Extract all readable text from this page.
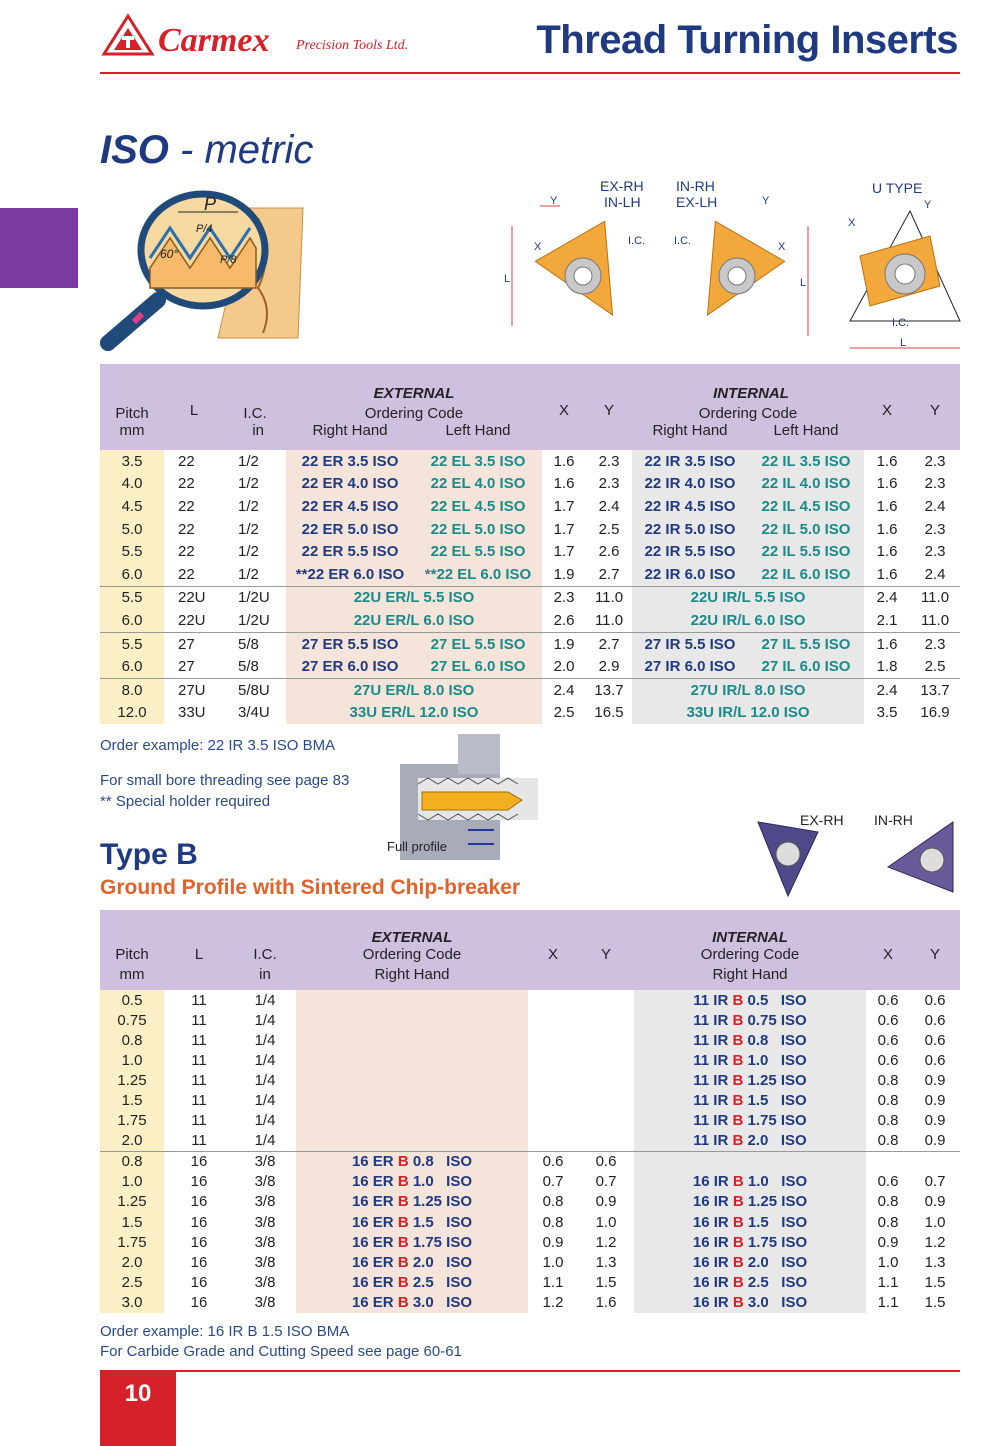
Carmex Precision Tools Ltd.	Thread Turning Inserts
ISO - metric
P
P/4
P/8
60°
EX-RH
IN-LH
IN-RH
EX-LH
U TYPE
L
Y
X	I.C.
L
Y
X
I.C.
X
Y
I.C.
L
			EXTERNAL				INTERNAL			
Pitch	L	I.C.	Ordering Code		X	Y	Ordering Code		X	Y
mm		in	Right Hand	Left Hand			Right Hand	Left Hand		
3.5	22	1/2	22 ER 3.5 ISO	22 EL 3.5 ISO	1.6	2.3	22 IR 3.5 ISO	22 IL 3.5 ISO	1.6	2.3
4.0	22	1/2	22 ER 4.0 ISO	22 EL 4.0 ISO	1.6	2.3	22 IR 4.0 ISO	22 IL 4.0 ISO	1.6	2.3
4.5	22	1/2	22 ER 4.5 ISO	22 EL 4.5 ISO	1.7	2.4	22 IR 4.5 ISO	22 IL 4.5 ISO	1.6	2.4
5.0	22	1/2	22 ER 5.0 ISO	22 EL 5.0 ISO	1.7	2.5	22 IR 5.0 ISO	22 IL 5.0 ISO	1.6	2.3
5.5	22	1/2	22 ER 5.5 ISO	22 EL 5.5 ISO	1.7	2.6	22 IR 5.5 ISO	22 IL 5.5 ISO	1.6	2.3
6.0	22	1/2	**22 ER 6.0 ISO	**22 EL 6.0 ISO	1.9	2.7	22 IR 6.0 ISO	22 IL 6.0 ISO	1.6	2.4
5.5	22U	1/2U	22U ER/L 5.5 ISO		2.3	11.0	22U IR/L 5.5 ISO		2.4	11.0
6.0	22U	1/2U	22U ER/L 6.0 ISO		2.6	11.0	22U IR/L 6.0 ISO		2.1	11.0
5.5	27	5/8	27 ER 5.5 ISO	27 EL 5.5 ISO	1.9	2.7	27 IR 5.5 ISO	27 IL 5.5 ISO	1.6	2.3
6.0	27	5/8	27 ER 6.0 ISO	27 EL 6.0 ISO	2.0	2.9	27 IR 6.0 ISO	27 IL 6.0 ISO	1.8	2.5
8.0	27U	5/8U	27U ER/L 8.0 ISO		2.4	13.7	27U IR/L 8.0 ISO		2.4	13.7
12.0	33U	3/4U	33U ER/L 12.0 ISO		2.5	16.5	33U IR/L 12.0 ISO		3.5	16.9
Order example: 22 IR 3.5 ISO BMA
For small bore threading see page 83
** Special holder required
Full profile
Type B
Ground Profile with Sintered Chip-breaker
EX-RH IN-RH
			EXTERNAL			INTERNAL		
Pitch	L	I.C.	Ordering Code	X	Y	Ordering Code	X	Y
mm		in	Right Hand			Right Hand		
0.5	11	1/4				11 IR B 0.5   ISO	0.6	0.6
0.75	11	1/4				11 IR B 0.75 ISO	0.6	0.6
0.8	11	1/4				11 IR B 0.8   ISO	0.6	0.6
1.0	11	1/4				11 IR B 1.0   ISO	0.6	0.6
1.25	11	1/4				11 IR B 1.25 ISO	0.8	0.9
1.5	11	1/4				11 IR B 1.5   ISO	0.8	0.9
1.75	11	1/4				11 IR B 1.75 ISO	0.8	0.9
2.0	11	1/4				11 IR B 2.0   ISO	0.8	0.9
0.8	16	3/8	16 ER B 0.8   ISO	0.6	0.6			
1.0	16	3/8	16 ER B 1.0   ISO	0.7	0.7	16 IR B 1.0   ISO	0.6	0.7
1.25	16	3/8	16 ER B 1.25 ISO	0.8	0.9	16 IR B 1.25 ISO	0.8	0.9
1.5	16	3/8	16 ER B 1.5   ISO	0.8	1.0	16 IR B 1.5   ISO	0.8	1.0
1.75	16	3/8	16 ER B 1.75 ISO	0.9	1.2	16 IR B 1.75 ISO	0.9	1.2
2.0	16	3/8	16 ER B 2.0   ISO	1.0	1.3	16 IR B 2.0   ISO	1.0	1.3
2.5	16	3/8	16 ER B 2.5   ISO	1.1	1.5	16 IR B 2.5   ISO	1.1	1.5
3.0	16	3/8	16 ER B 3.0   ISO	1.2	1.6	16 IR B 3.0   ISO	1.1	1.5
Order example: 16 IR B 1.5 ISO BMA
For Carbide Grade and Cutting Speed see page 60-61
10
